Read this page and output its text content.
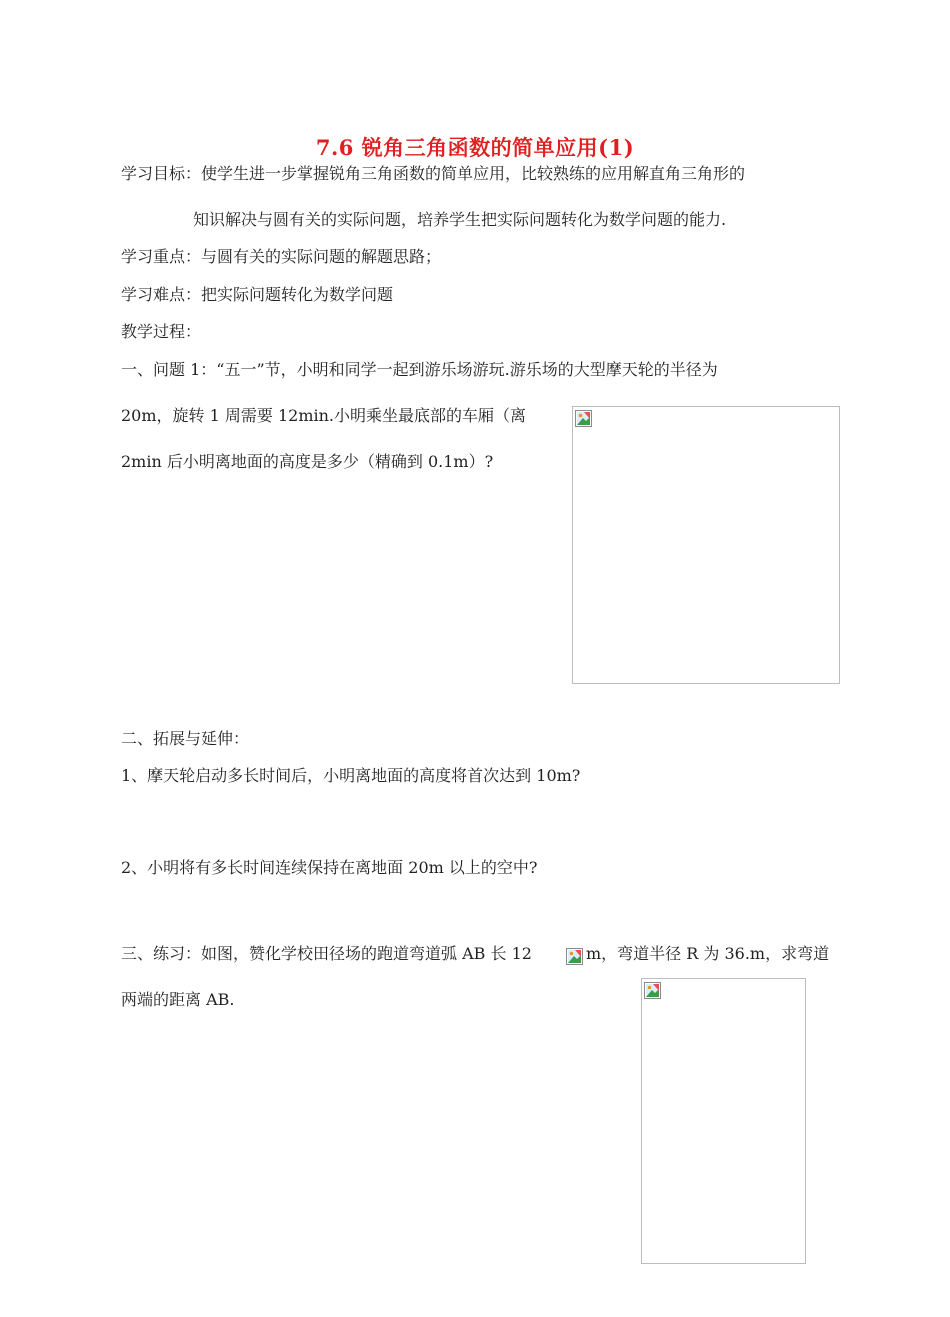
7.6 锐角三角函数的简单应用(1)
学习目标：使学生进一步掌握锐角三角函数的简单应用，比较熟练的应用解直角三角形的
知识解决与圆有关的实际问题，培养学生把实际问题转化为数学问题的能力.
学习重点：与圆有关的实际问题的解题思路；
学习难点：把实际问题转化为数学问题
教学过程：
一、问题 1：“五一”节，小明和同学一起到游乐场游玩.游乐场的大型摩天轮的半径为
20m，旋转 1 周需要 12min.小明乘坐最底部的车厢（离
2min 后小明离地面的高度是多少（精确到 0.1m）?
二、拓展与延伸：
1、摩天轮启动多长时间后，小明离地面的高度将首次达到 10m?
2、小明将有多长时间连续保持在离地面 20m 以上的空中?
三、练习：如图，赞化学校田径场的跑道弯道弧 AB 长 12	m，弯道半径 R 为 36.m，求弯道
两端的距离 AB.
